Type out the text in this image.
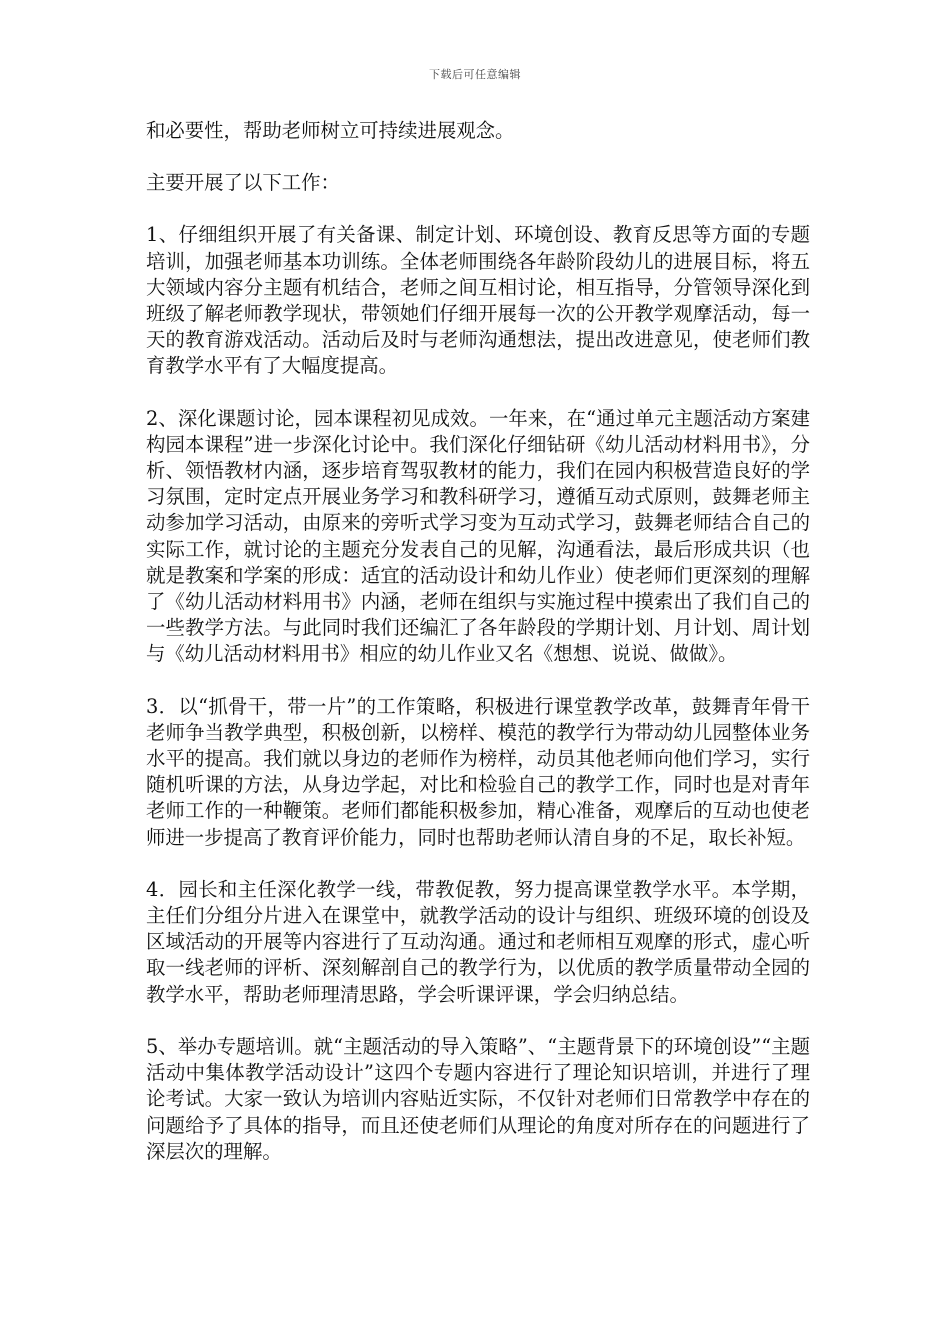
下载后可任意编辑

和必要性，帮助老师树立可持续进展观念。

主要开展了以下工作：

1、仔细组织开展了有关备课、制定计划、环境创设、教育反思等方面的专题培训，加强老师基本功训练。全体老师围绕各年龄阶段幼儿的进展目标，将五大领域内容分主题有机结合，老师之间互相讨论，相互指导，分管领导深化到班级了解老师教学现状，带领她们仔细开展每一次的公开教学观摩活动，每一天的教育游戏活动。活动后及时与老师沟通想法，提出改进意见，使老师们教育教学水平有了大幅度提高。

2、深化课题讨论，园本课程初见成效。一年来，在“通过单元主题活动方案建构园本课程”进一步深化讨论中。我们深化仔细钻研《幼儿活动材料用书》，分析、领悟教材内涵，逐步培育驾驭教材的能力，我们在园内积极营造良好的学习氛围，定时定点开展业务学习和教科研学习，遵循互动式原则，鼓舞老师主动参加学习活动，由原来的旁听式学习变为互动式学习，鼓舞老师结合自己的实际工作，就讨论的主题充分发表自己的见解，沟通看法，最后形成共识（也就是教案和学案的形成：适宜的活动设计和幼儿作业）使老师们更深刻的理解了《幼儿活动材料用书》内涵，老师在组织与实施过程中摸索出了我们自己的一些教学方法。与此同时我们还编汇了各年龄段的学期计划、月计划、周计划与《幼儿活动材料用书》相应的幼儿作业又名《想想、说说、做做》。

3．以“抓骨干，带一片”的工作策略，积极进行课堂教学改革，鼓舞青年骨干老师争当教学典型，积极创新，以榜样、模范的教学行为带动幼儿园整体业务水平的提高。我们就以身边的老师作为榜样，动员其他老师向他们学习，实行随机听课的方法，从身边学起，对比和检验自己的教学工作，同时也是对青年老师工作的一种鞭策。老师们都能积极参加，精心准备，观摩后的互动也使老师进一步提高了教育评价能力，同时也帮助老师认清自身的不足，取长补短。

4．园长和主任深化教学一线，带教促教，努力提高课堂教学水平。本学期，主任们分组分片进入在课堂中，就教学活动的设计与组织、班级环境的创设及区域活动的开展等内容进行了互动沟通。通过和老师相互观摩的形式，虚心听取一线老师的评析、深刻解剖自己的教学行为，以优质的教学质量带动全园的教学水平，帮助老师理清思路，学会听课评课，学会归纳总结。

5、举办专题培训。就“主题活动的导入策略”、“主题背景下的环境创设”“主题活动中集体教学活动设计”这四个专题内容进行了理论知识培训，并进行了理论考试。大家一致认为培训内容贴近实际，不仅针对老师们日常教学中存在的问题给予了具体的指导，而且还使老师们从理论的角度对所存在的问题进行了深层次的理解。
